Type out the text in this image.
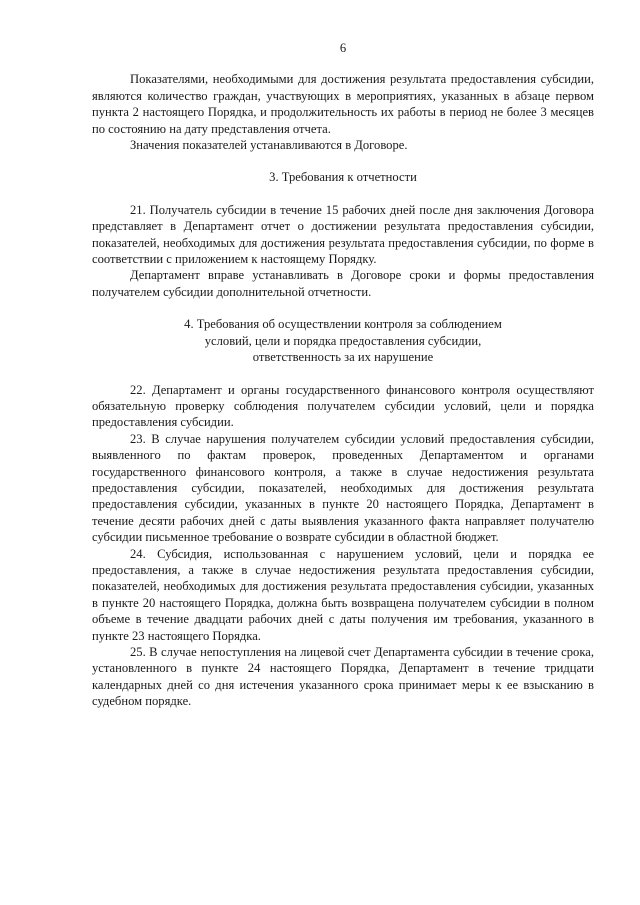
6

Показателями, необходимыми для достижения результата предоставления субсидии, являются количество граждан, участвующих в мероприятиях, указанных в абзаце первом пункта 2 настоящего Порядка, и продолжительность их работы в период не более 3 месяцев по состоянию на дату представления отчета.

Значения показателей устанавливаются в Договоре.

3. Требования к отчетности

21. Получатель субсидии в течение 15 рабочих дней после дня заключения Договора представляет в Департамент отчет о достижении результата предоставления субсидии, показателей, необходимых для достижения результата предоставления субсидии, по форме в соответствии с приложением к настоящему Порядку.

Департамент вправе устанавливать в Договоре сроки и формы предоставления получателем субсидии дополнительной отчетности.

4. Требования об осуществлении контроля за соблюдением

условий, цели и порядка предоставления субсидии,

ответственность за их нарушение

22. Департамент и органы государственного финансового контроля осуществляют обязательную проверку соблюдения получателем субсидии условий, цели и порядка предоставления субсидии.

23. В случае нарушения получателем субсидии условий предоставления субсидии, выявленного по фактам проверок, проведенных Департаментом и органами государственного финансового контроля, а также в случае недостижения результата предоставления субсидии, показателей, необходимых для достижения результата предоставления субсидии, указанных в пункте 20 настоящего Порядка, Департамент в течение десяти рабочих дней с даты выявления указанного факта направляет получателю субсидии письменное требование о возврате субсидии в областной бюджет.

24. Субсидия, использованная с нарушением условий, цели и порядка ее предоставления, а также в случае недостижения результата предоставления субсидии, показателей, необходимых для достижения результата предоставления субсидии, указанных в пункте 20 настоящего Порядка, должна быть возвращена получателем субсидии в полном объеме в течение двадцати рабочих дней с даты получения им требования, указанного в пункте 23 настоящего Порядка.

25. В случае непоступления на лицевой счет Департамента субсидии в течение срока, установленного в пункте 24 настоящего Порядка, Департамент в течение тридцати календарных дней со дня истечения указанного срока принимает меры к ее взысканию в судебном порядке.
